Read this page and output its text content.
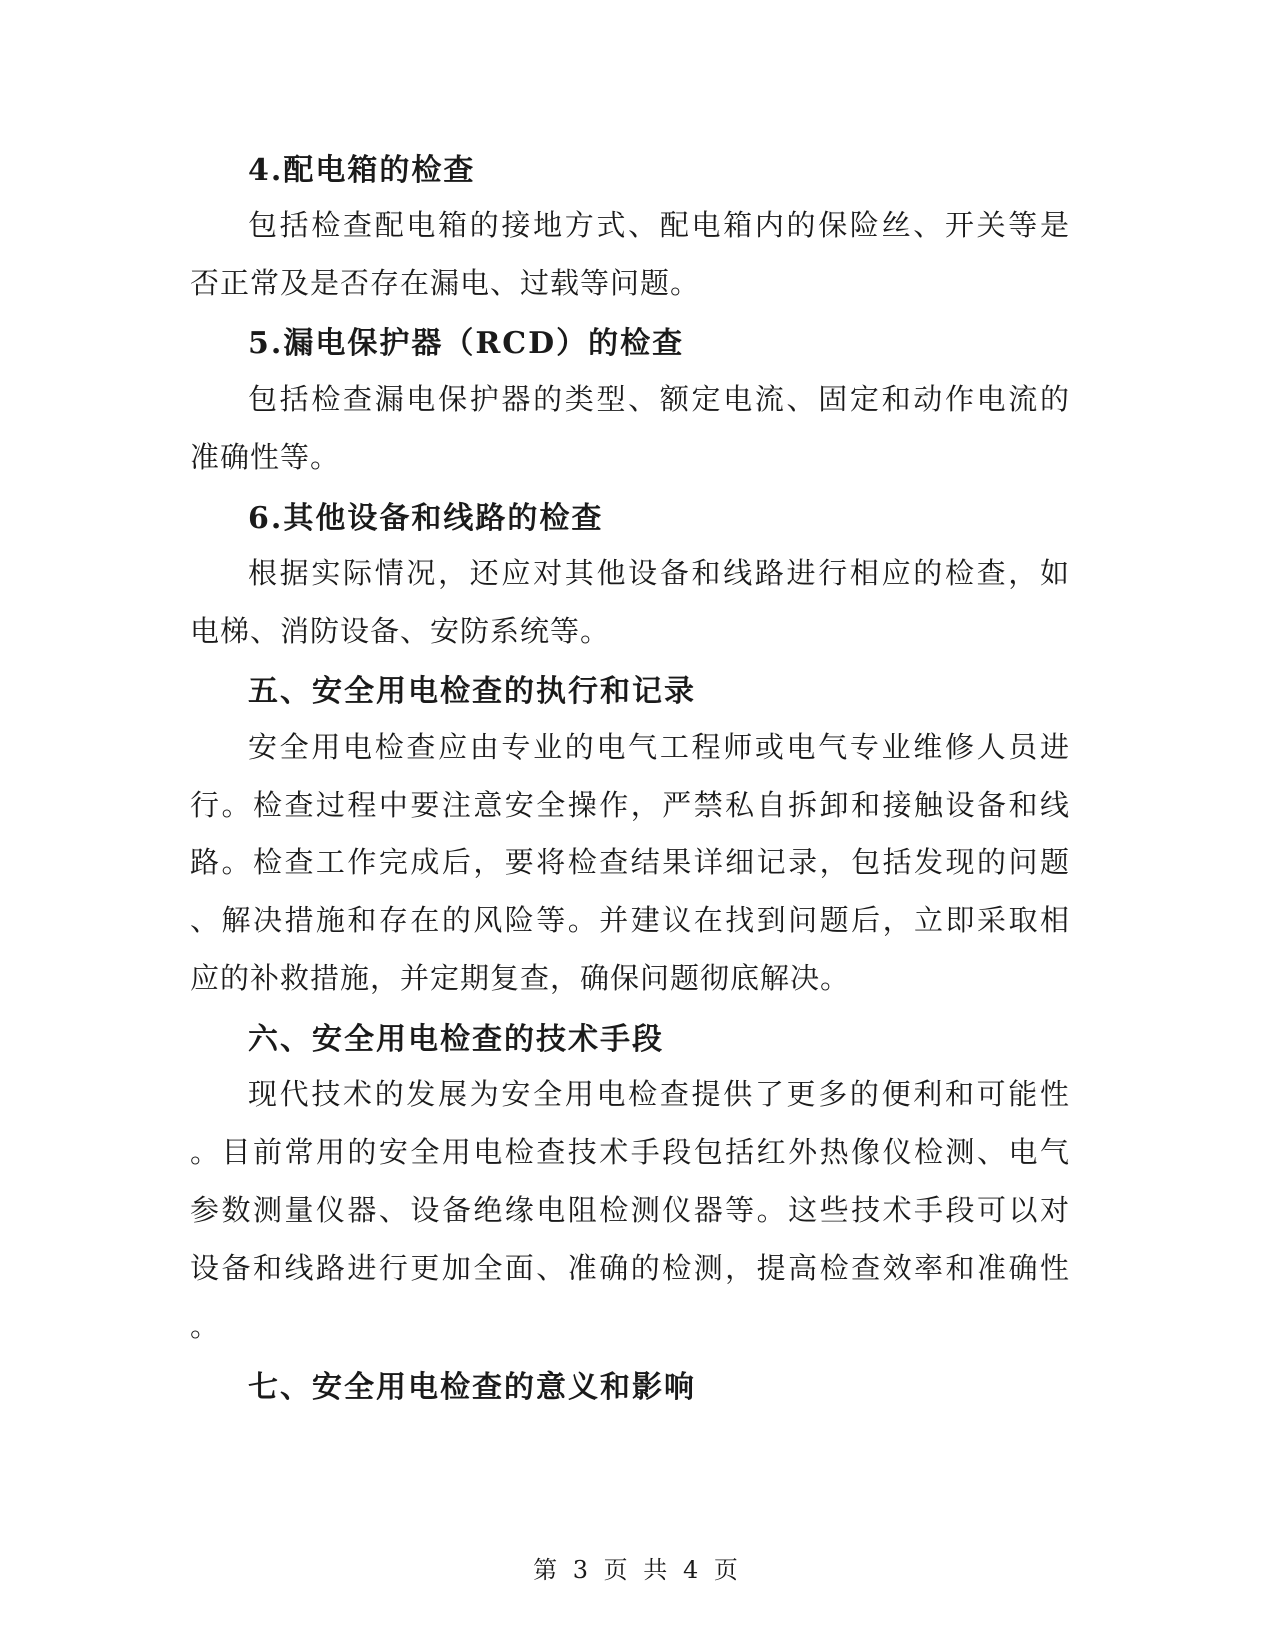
4.配电箱的检查
包括检查配电箱的接地方式、配电箱内的保险丝、开关等是
否正常及是否存在漏电、过载等问题。
5.漏电保护器（RCD）的检查
包括检查漏电保护器的类型、额定电流、固定和动作电流的
准确性等。
6.其他设备和线路的检查
根据实际情况，还应对其他设备和线路进行相应的检查，如
电梯、消防设备、安防系统等。
五、安全用电检查的执行和记录
安全用电检查应由专业的电气工程师或电气专业维修人员进
行。检查过程中要注意安全操作，严禁私自拆卸和接触设备和线
路。检查工作完成后，要将检查结果详细记录，包括发现的问题
、解决措施和存在的风险等。并建议在找到问题后，立即采取相
应的补救措施，并定期复查，确保问题彻底解决。
六、安全用电检查的技术手段
现代技术的发展为安全用电检查提供了更多的便利和可能性
。目前常用的安全用电检查技术手段包括红外热像仪检测、电气
参数测量仪器、设备绝缘电阻检测仪器等。这些技术手段可以对
设备和线路进行更加全面、准确的检测，提高检查效率和准确性
。
七、安全用电检查的意义和影响
第 3 页 共 4 页
